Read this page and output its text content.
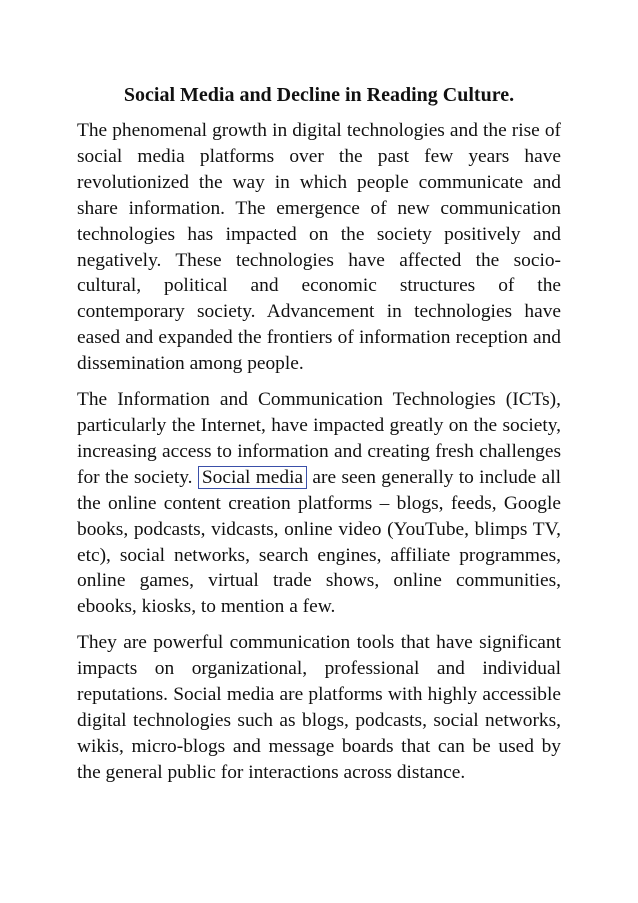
Social Media and Decline in Reading Culture.

The phenomenal growth in digital technologies and the rise of social media platforms over the past few years have revolutionized the way in which people communicate and share information. The emergence of new communication technologies has impacted on the society positively and negatively. These technologies have affected the socio-cultural, political and economic structures of the contemporary society. Advancement in technologies have eased and expanded the frontiers of information reception and dissemination among people.

The Information and Communication Technologies (ICTs), particularly the Internet, have impacted greatly on the society, increasing access to information and creating fresh challenges for the society. Social media are seen generally to include all the online content creation platforms – blogs, feeds, Google books, podcasts, vidcasts, online video (YouTube, blimps TV, etc), social networks, search engines, affiliate programmes, online games, virtual trade shows, online communities, ebooks, kiosks, to mention a few.

They are powerful communication tools that have significant impacts on organizational, professional and individual reputations. Social media are platforms with highly accessible digital technologies such as blogs, podcasts, social networks, wikis, micro-blogs and message boards that can be used by the general public for interactions across distance.
